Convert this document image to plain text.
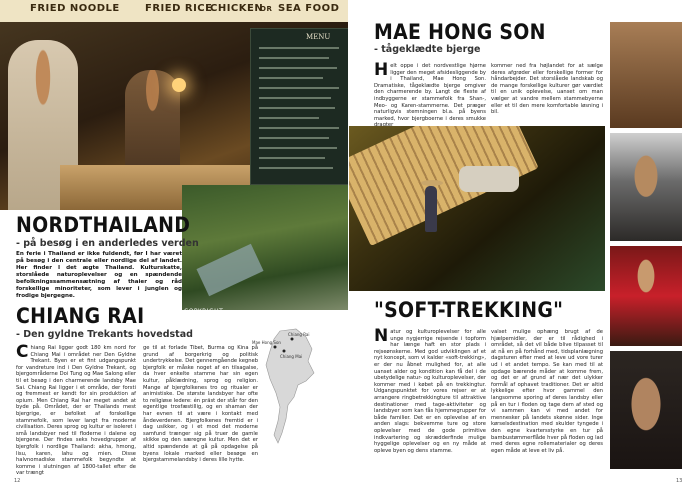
FRIED NOODLE	FRIED RICE
CHICKEN
OR SEA FOOD
MENU
COPYRIGHT
NORDTHAILAND
- på besøg i en anderledes verden

En ferie i Thailand er ikke fuldendt, før I har været på besøg i den centrale eller nordlige del af landet. Her finder I det ægte Thailand. Kulturskatte, storslåede naturoplevelser og en spændende befolkningssammensætning af thaier og råd forskellige minoriteter, som lever i junglen og frodige bjergegne.

CHIANG RAI
- Den gyldne Trekants hovedstad
Chiang Rai ligger godt 180 km nord for Chiang Mai i området ner Den Gyldne Trekant. Byen er et fint udgangspunkt for vandreture ind i Den Gyldne Trekant, og bjergområderne Doi Tung og Mae Salong eller til et besøg i den charmerende landsby Mae Sai. Chiang Rai ligger i et område, der forsti og fremmest er kendt for sin produktion af opium. Men Chiang Rai har meget andet at byde på. Området, der er Thailands mest bjergrige, er befolket af forskellige stammefolk, som lever langt fra moderne civilisation. Deres sprog og kultur er isoleret i små landsbyer ned til floderne i dalene og bjergene. Der findes seks hovedgrupper af bjergfolk i nordlige Thailand: akha, hmong, lisu, karen, lahu og mien. Disse halvnomadiske stammefolk begyndte at komme i slutningen af 1800-tallet efter de var trængt
ge til at forlade Tibet, Burma og Kina på grund af borgerkrig og politisk undertrykkelse. Det gennemgående kegneb bjergfolk er måske noget af en tilsagalse, da hver enkelte stamme har sin egen kultur, påklædning, sprog og religion. Mange af bjergfolkenes tro og ritualer er animistiske. De største landsbyer har ofte to religiøse ledere: én präst der står for den egentlige trosfæstillig, og en shaman der har evnen til at være i kontakt med åndeverdenen. Bjergfolkenes fremtid er i dag usikker, og i et mod det moderne samfund trænger sig på truer de gamle skikke og den særegne kultur. Men det er altid spændende at gå på opdagelse på byens lokale marked eller besøge en bjergstammelandsby i deres lille hytte.
Mae Hong Son
Chiang Rai
Chiang Mai
MAE HONG SON
- tågeklædte bjerge
Helt oppe i det nordvestlige hjørne ligger den meget afsidesliggende by i Thailand, Mae Hong Son. Dramatiske, tågeklædte bjerge omgiver den charmerende by. Langt de fleste af indbyggerne er stammefolk fra Shan-, Meo- og Karen-stammerne. Det præger naturligvis stemningen bl.a. på byens marked, hvor bjergboerne i deres smukke
kommer ned fra højlandet for at sælge deres afgrøder eller forskellige former for håndarbejder. Det storslåede landskab og de mange forskellige kulturer gør værdiet til en unik oplevelse, uanset om man vælger at vandre mellem stammebyerne eller et til den mere komfortable løsning i bil.
"SOFT-TREKKING"
Natur og kulturoplevelser for alle unge nygjerrige rejsende i topform har længe haft en stor plads i rejseønskerne. Med god udviklingen af et nyt koncept, som vi kalder «soft-trekking», er der nu åbnet mulighed for, at alle uanset alder og kondition kan få del i de ubetydelige natur- og kulturoplevelser, der kommer med i købet på en trekkingtur. Udgangspunktet for vores rejser er at arrangere ringbetrekkingture til attraktive destinationer med tage-aktiviteter og landsbyer som kan fås hjemmegrupper for både familier. Det er en oplevelse af en anden slags: bekvemme ture og store oplevelser med de gode primitive indkvartering og skrædderfinde mulige hyggelige oplevelser og en ny måde at opleve byen og dens stamme.
valset mulige ophæng brugt af de hjælpemidler, der er til rådighed i området, så det vil både blive tilpasset til at nå en på forhånd med, tidsplanlægning dagsturen efter med at leve ud vore turer ud i et andet tempo. Se kan med til at opdage bærende måder at komme frem, og det er af grund af nær det ulykker formål af ophavet traditioner. Det er altid lykkelige efter hvor gammel den langsomme sporing af deres landsby eller på en tur i floden og tage dem af sted og vi sammen kan vi med andet for mennesker på landets skønne sider. Inge kørselsdestination med skulder tyngede i den egne kvartersstyrke en tur på bambustømmerflåde hver på floden og lad med deres egne rollematerialer og deres egen måde at leve et liv på.
12	13
